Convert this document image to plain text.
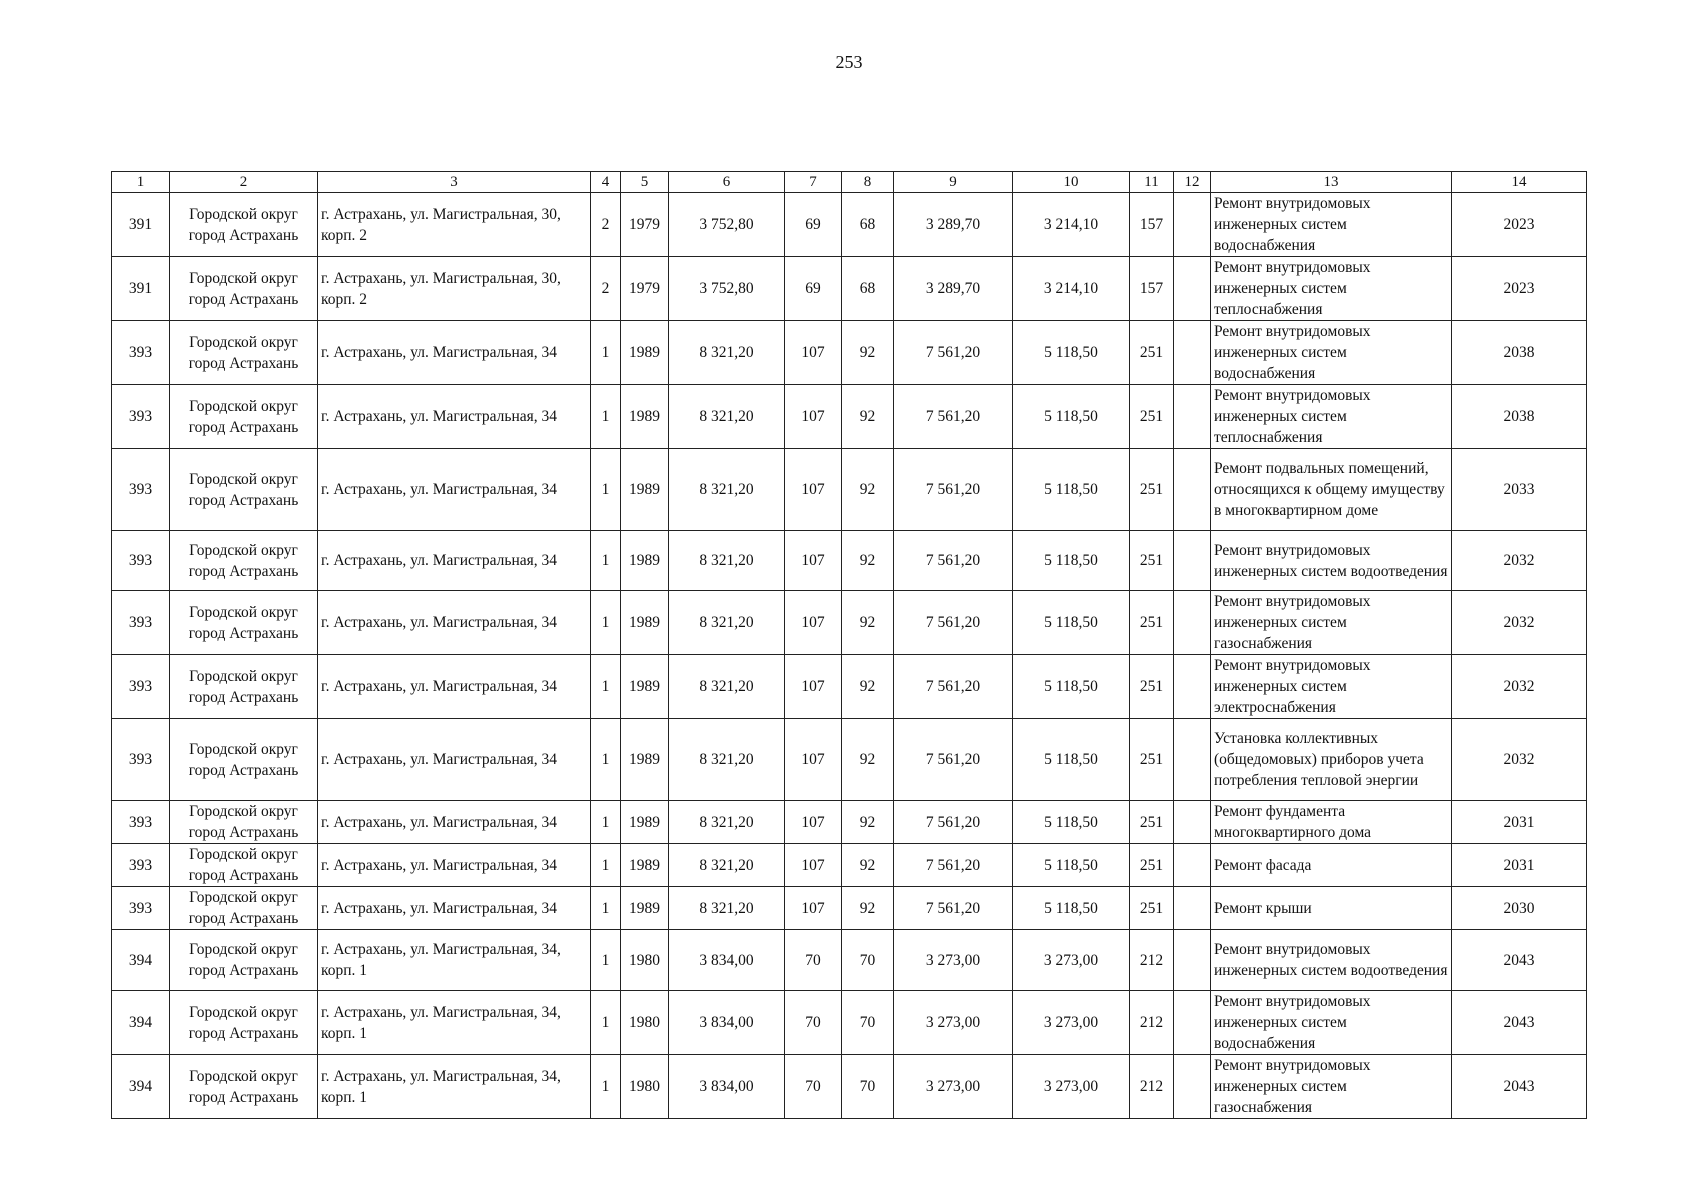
253
1	2	3	4	5	6	7	8	9	10	11	12	13	14
391	Городской округ город Астрахань	г. Астрахань, ул. Магистральная, 30, корп. 2	2	1979	3 752,80	69	68	3 289,70	3 214,10	157		Ремонт внутридомовых инженерных систем водоснабжения	2023
391	Городской округ город Астрахань	г. Астрахань, ул. Магистральная, 30, корп. 2	2	1979	3 752,80	69	68	3 289,70	3 214,10	157		Ремонт внутридомовых инженерных систем теплоснабжения	2023
393	Городской округ город Астрахань	г. Астрахань, ул. Магистральная, 34	1	1989	8 321,20	107	92	7 561,20	5 118,50	251		Ремонт внутридомовых инженерных систем водоснабжения	2038
393	Городской округ город Астрахань	г. Астрахань, ул. Магистральная, 34	1	1989	8 321,20	107	92	7 561,20	5 118,50	251		Ремонт внутридомовых инженерных систем теплоснабжения	2038
393	Городской округ город Астрахань	г. Астрахань, ул. Магистральная, 34	1	1989	8 321,20	107	92	7 561,20	5 118,50	251		Ремонт подвальных помещений, относящихся к общему имуществу в многоквартирном доме	2033
393	Городской округ город Астрахань	г. Астрахань, ул. Магистральная, 34	1	1989	8 321,20	107	92	7 561,20	5 118,50	251		Ремонт внутридомовых инженерных систем водоотведения	2032
393	Городской округ город Астрахань	г. Астрахань, ул. Магистральная, 34	1	1989	8 321,20	107	92	7 561,20	5 118,50	251		Ремонт внутридомовых инженерных систем газоснабжения	2032
393	Городской округ город Астрахань	г. Астрахань, ул. Магистральная, 34	1	1989	8 321,20	107	92	7 561,20	5 118,50	251		Ремонт внутридомовых инженерных систем электроснабжения	2032
393	Городской округ город Астрахань	г. Астрахань, ул. Магистральная, 34	1	1989	8 321,20	107	92	7 561,20	5 118,50	251		Установка коллективных (общедомовых) приборов учета потребления тепловой энергии	2032
393	Городской округ город Астрахань	г. Астрахань, ул. Магистральная, 34	1	1989	8 321,20	107	92	7 561,20	5 118,50	251		Ремонт фундамента многоквартирного дома	2031
393	Городской округ город Астрахань	г. Астрахань, ул. Магистральная, 34	1	1989	8 321,20	107	92	7 561,20	5 118,50	251		Ремонт фасада	2031
393	Городской округ город Астрахань	г. Астрахань, ул. Магистральная, 34	1	1989	8 321,20	107	92	7 561,20	5 118,50	251		Ремонт крыши	2030
394	Городской округ город Астрахань	г. Астрахань, ул. Магистральная, 34, корп. 1	1	1980	3 834,00	70	70	3 273,00	3 273,00	212		Ремонт внутридомовых инженерных систем водоотведения	2043
394	Городской округ город Астрахань	г. Астрахань, ул. Магистральная, 34, корп. 1	1	1980	3 834,00	70	70	3 273,00	3 273,00	212		Ремонт внутридомовых инженерных систем водоснабжения	2043
394	Городской округ город Астрахань	г. Астрахань, ул. Магистральная, 34, корп. 1	1	1980	3 834,00	70	70	3 273,00	3 273,00	212		Ремонт внутридомовых инженерных систем газоснабжения	2043
